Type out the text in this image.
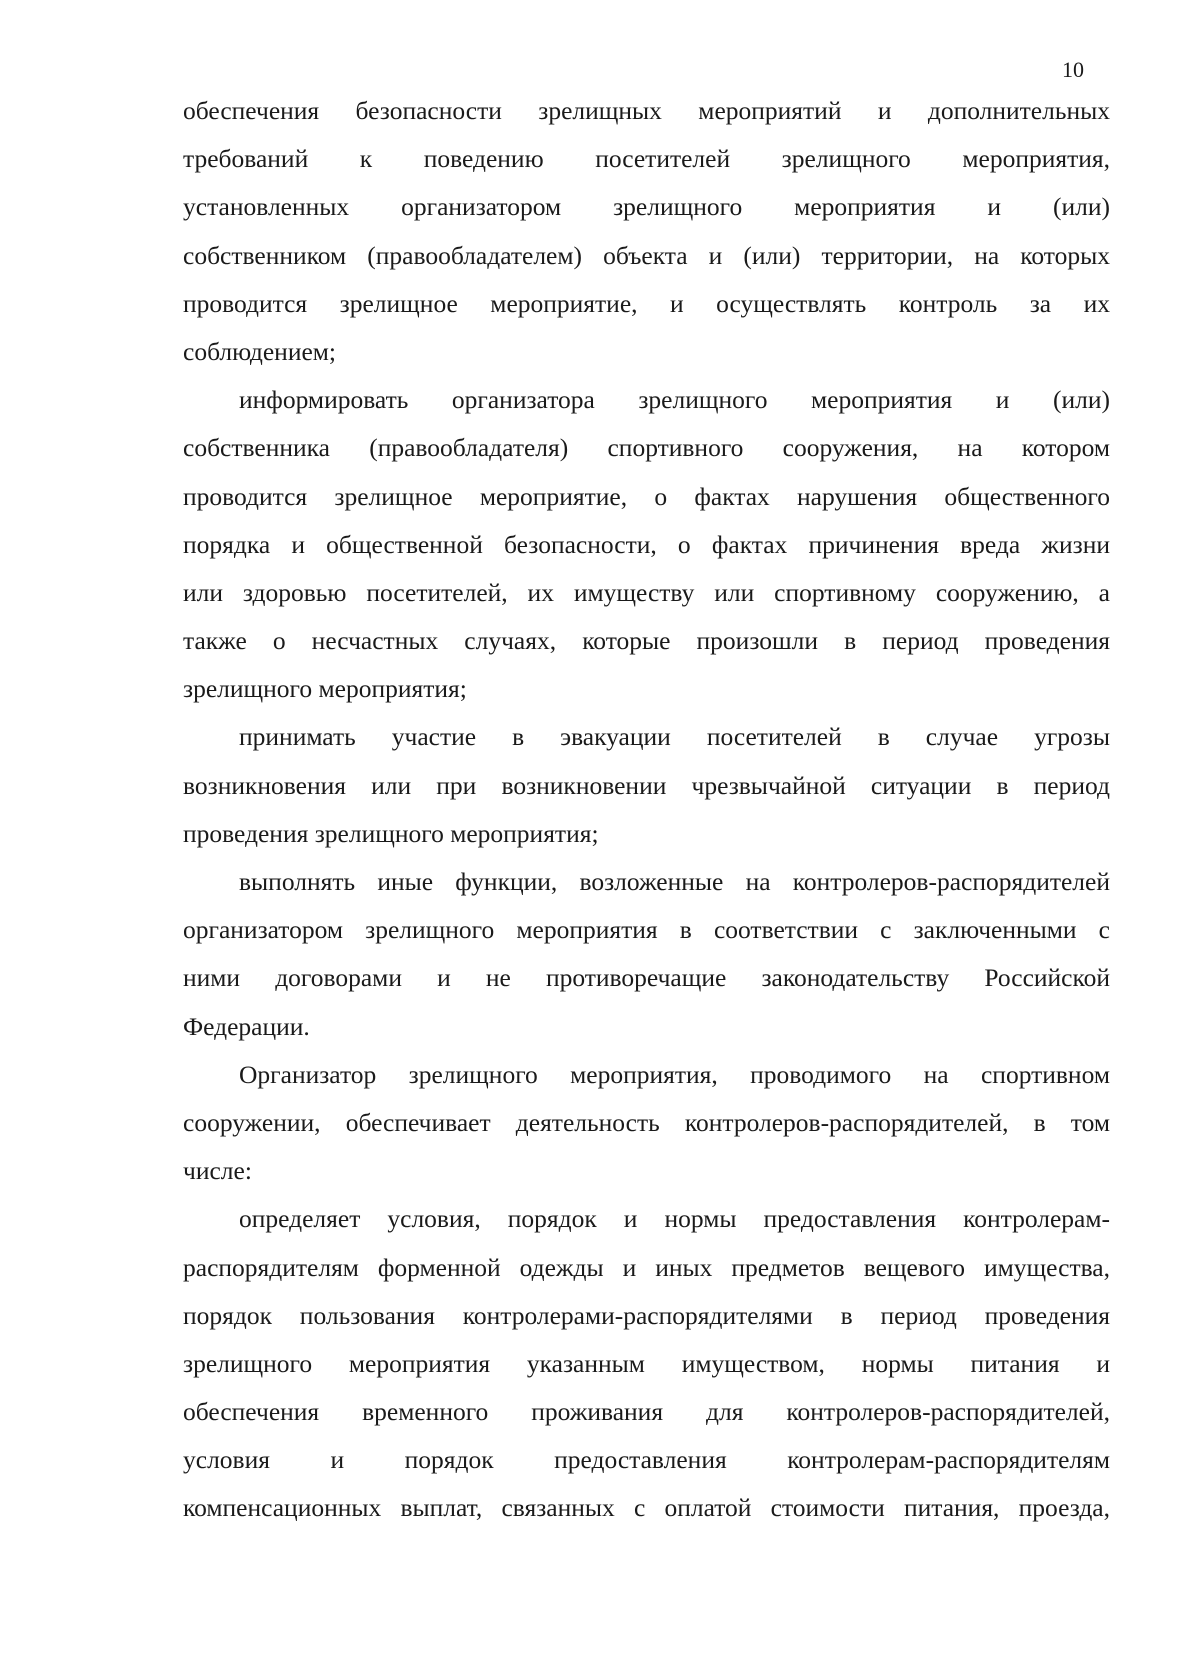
10
обеспечения безопасности зрелищных мероприятий и дополнительных
требований к поведению посетителей зрелищного мероприятия,
установленных организатором зрелищного мероприятия и (или)
собственником (правообладателем) объекта и (или) территории, на которых
проводится зрелищное мероприятие, и осуществлять контроль за их
соблюдением;
информировать организатора зрелищного мероприятия и (или)
собственника (правообладателя) спортивного сооружения, на котором
проводится зрелищное мероприятие, о фактах нарушения общественного
порядка и общественной безопасности, о фактах причинения вреда жизни
или здоровью посетителей, их имуществу или спортивному сооружению, а
также о несчастных случаях, которые произошли в период проведения
зрелищного мероприятия;
принимать участие в эвакуации посетителей в случае угрозы
возникновения или при возникновении чрезвычайной ситуации в период
проведения зрелищного мероприятия;
выполнять иные функции, возложенные на контролеров-распорядителей
организатором зрелищного мероприятия в соответствии с заключенными с
ними договорами и не противоречащие законодательству Российской
Федерации.
Организатор зрелищного мероприятия, проводимого на спортивном
сооружении, обеспечивает деятельность контролеров-распорядителей, в том
числе:
определяет условия, порядок и нормы предоставления контролерам-
распорядителям форменной одежды и иных предметов вещевого имущества,
порядок пользования контролерами-распорядителями в период проведения
зрелищного мероприятия указанным имуществом, нормы питания и
обеспечения временного проживания для контролеров-распорядителей,
условия и порядок предоставления контролерам-распорядителям
компенсационных выплат, связанных с оплатой стоимости питания, проезда,
